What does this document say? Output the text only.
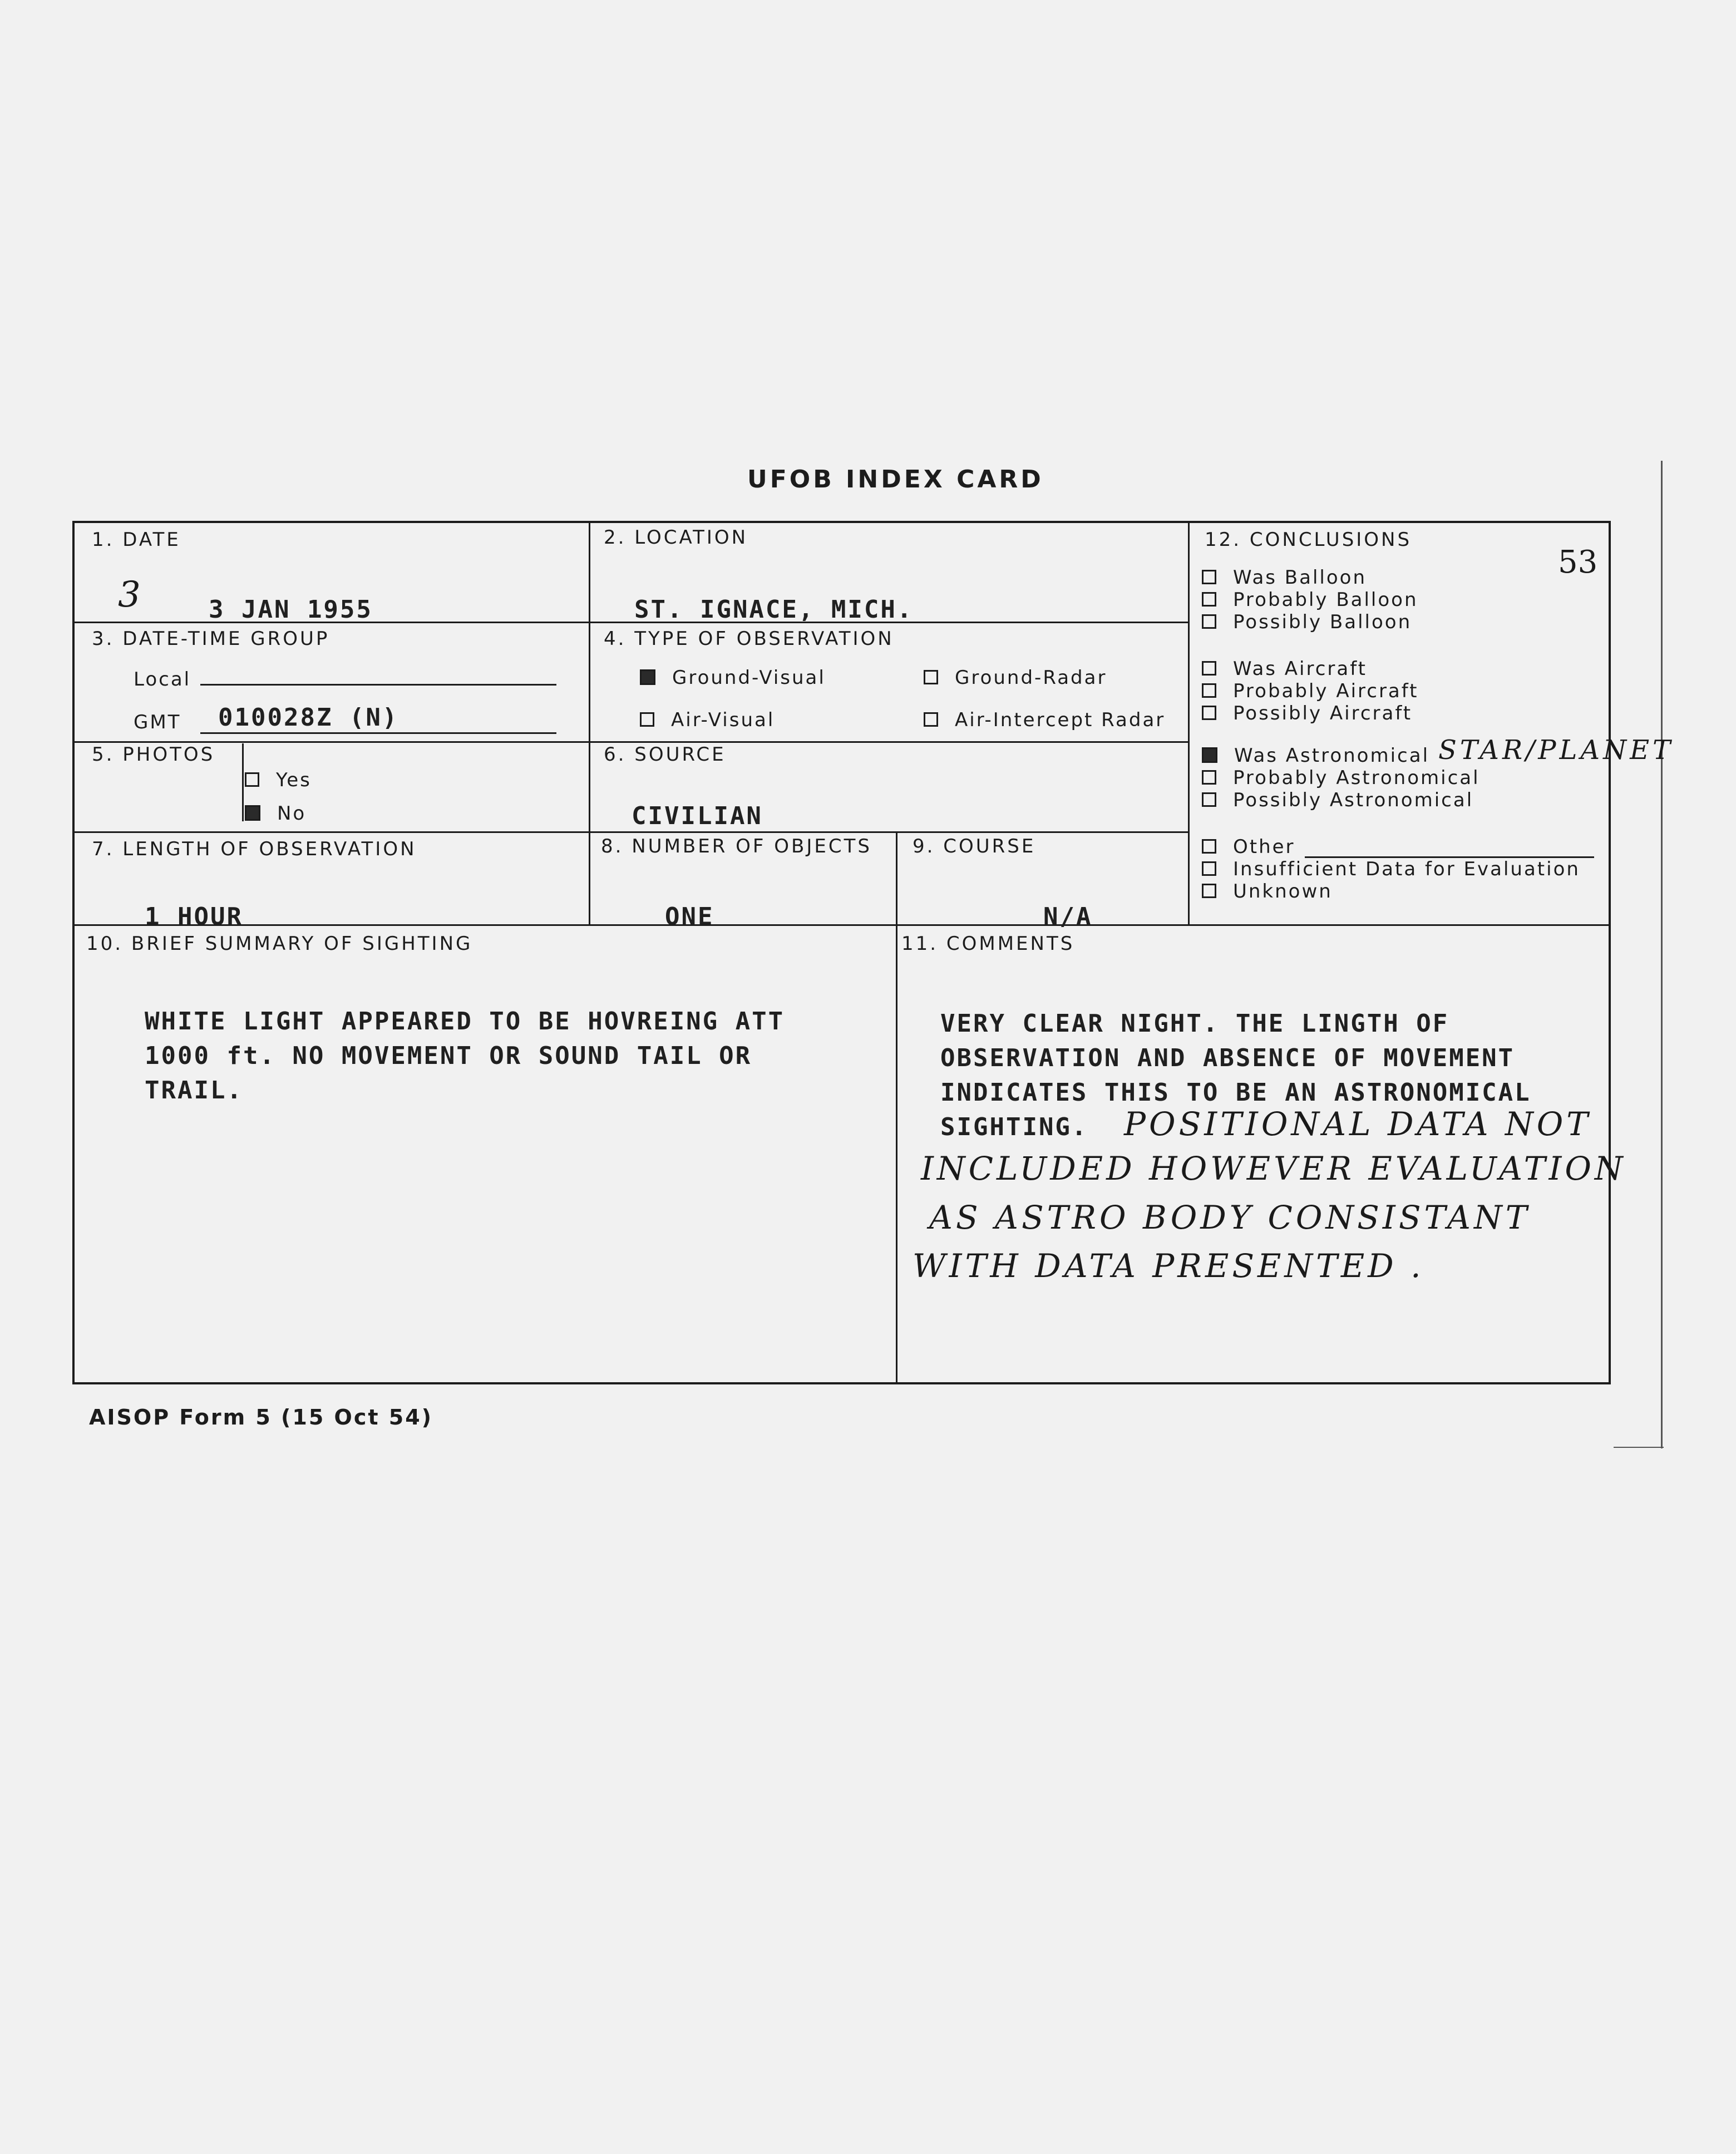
UFOB INDEX CARD
1. DATE
3	3 JAN 1955
2. LOCATION
ST. IGNACE, MICH.
3. DATE-TIME GROUP
Local
GMT 010028Z (N)
4. TYPE OF OBSERVATION
Ground-Visual	Ground-Radar
Air-Visual	Air-Intercept Radar
5. PHOTOS
Yes
No
6. SOURCE
CIVILIAN
7. LENGTH OF OBSERVATION
1 HOUR
8. NUMBER OF OBJECTS
ONE
9. COURSE
N/A
10. BRIEF SUMMARY OF SIGHTING
WHITE LIGHT APPEARED TO BE HOVREING ATT
1000 ft. NO MOVEMENT OR SOUND TAIL OR
TRAIL.
11. COMMENTS
VERY CLEAR NIGHT. THE LINGTH OF
OBSERVATION AND ABSENCE OF MOVEMENT
INDICATES THIS TO BE AN ASTRONOMICAL
SIGHTING. POSITIONAL DATA NOT
INCLUDED HOWEVER EVALUATION
AS ASTRO BODY CONSISTANT
WITH DATA PRESENTED .
12. CONCLUSIONS
53
Was Balloon
Probably Balloon
Possibly Balloon
Was Aircraft
Probably Aircraft
Possibly Aircraft
Was Astronomical STAR/PLANET
Probably Astronomical
Possibly Astronomical
Other
Insufficient Data for Evaluation
Unknown
AISOP Form 5 (15 Oct 54)
